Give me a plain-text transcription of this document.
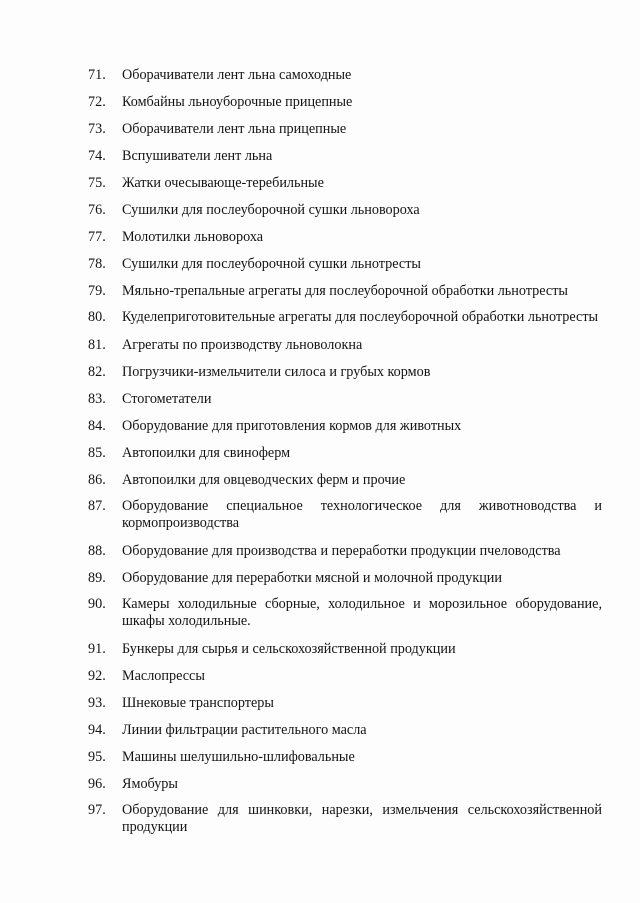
71.	Оборачиватели лент льна самоходные
72.	Комбайны льноуборочные прицепные
73.	Оборачиватели лент льна прицепные
74.	Вспушиватели лент льна
75.	Жатки очесывающе-теребильные
76.	Сушилки для послеуборочной сушки льновороха
77.	Молотилки льновороха
78.	Сушилки для послеуборочной сушки льнотресты
79.	Мяльно-трепальные агрегаты для послеуборочной обработки льнотресты
80.	Куделеприготовительные агрегаты для послеуборочной обработки льнотресты
81.	Агрегаты по производству льноволокна
82.	Погрузчики-измельчители силоса и грубых кормов
83.	Стогометатели
84.	Оборудование для приготовления кормов для животных
85.	Автопоилки для свиноферм
86.	Автопоилки для овцеводческих ферм и прочие
87.	Оборудование специальное технологическое для животноводства и кормопроизводства
88.	Оборудование для производства и переработки продукции пчеловодства
89.	Оборудование для переработки мясной и молочной продукции
90.	Камеры холодильные сборные, холодильное и морозильное оборудование, шкафы холодильные.
91.	Бункеры для сырья и сельскохозяйственной продукции
92.	Маслопрессы
93.	Шнековые транспортеры
94.	Линии фильтрации растительного масла
95.	Машины шелушильно-шлифовальные
96.	Ямобуры
97.	Оборудование для шинковки, нарезки, измельчения сельскохозяйственной продукции
